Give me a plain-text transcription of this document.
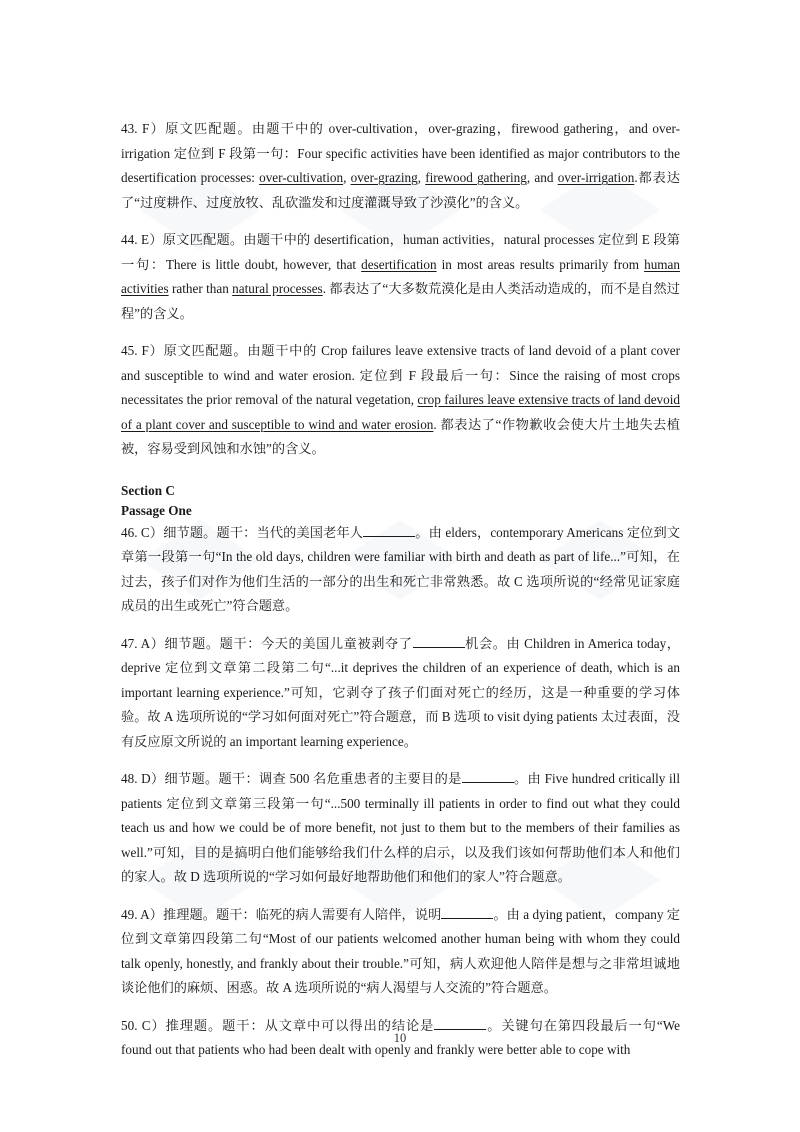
43. F）原文匹配题。由题干中的 over-cultivation，over-grazing，firewood gathering，and over-irrigation 定位到 F 段第一句：Four specific activities have been identified as major contributors to the desertification processes: over-cultivation, over-grazing, firewood gathering, and over-irrigation.都表达了“过度耕作、过度放牧、乱砍滥发和过度灌溉导致了沙漠化”的含义。

44. E）原文匹配题。由题干中的 desertification，human activities，natural processes 定位到 E 段第一句：There is little doubt, however, that desertification in most areas results primarily from human activities rather than natural processes. 都表达了“大多数荒漠化是由人类活动造成的，而不是自然过程”的含义。

45. F）原文匹配题。由题干中的 Crop failures leave extensive tracts of land devoid of a plant cover and susceptible to wind and water erosion. 定位到 F 段最后一句：Since the raising of most crops necessitates the prior removal of the natural vegetation, crop failures leave extensive tracts of land devoid of a plant cover and susceptible to wind and water erosion. 都表达了“作物歉收会使大片土地失去植被，容易受到风蚀和水蚀”的含义。

Section C

Passage One

46. C）细节题。题干：当代的美国老年人	。由 elders，contemporary Americans 定位到文章第一段第一句“In the old days, children were familiar with birth and death as part of life...”可知，在过去，孩子们对作为他们生活的一部分的出生和死亡非常熟悉。故 C 选项所说的“经常见证家庭成员的出生或死亡”符合题意。

47. A）细节题。题干：今天的美国儿童被剥夺了	机会。由 Children in America today，deprive 定位到文章第二段第二句“...it deprives the children of an experience of death, which is an important learning experience.”可知，它剥夺了孩子们面对死亡的经历，这是一种重要的学习体验。故 A 选项所说的“学习如何面对死亡”符合题意，而 B 选项 to visit dying patients 太过表面，没有反应原文所说的 an important learning experience。

48. D）细节题。题干：调查 500 名危重患者的主要目的是	。由 Five hundred critically ill patients 定位到文章第三段第一句“...500 terminally ill patients in order to find out what they could teach us and how we could be of more benefit, not just to them but to the members of their families as well.”可知，目的是搞明白他们能够给我们什么样的启示，以及我们该如何帮助他们本人和他们的家人。故 D 选项所说的“学习如何最好地帮助他们和他们的家人”符合题意。

49. A）推理题。题干：临死的病人需要有人陪伴，说明	。由 a dying patient，company 定位到文章第四段第二句“Most of our patients welcomed another human being with whom they could talk openly, honestly, and frankly about their trouble.”可知，病人欢迎他人陪伴是想与之非常坦诚地谈论他们的麻烦、困惑。故 A 选项所说的“病人渴望与人交流的”符合题意。

50. C）推理题。题干：从文章中可以得出的结论是	。关键句在第四段最后一句“We found out that patients who had been dealt with openly and frankly were better able to cope with

10
